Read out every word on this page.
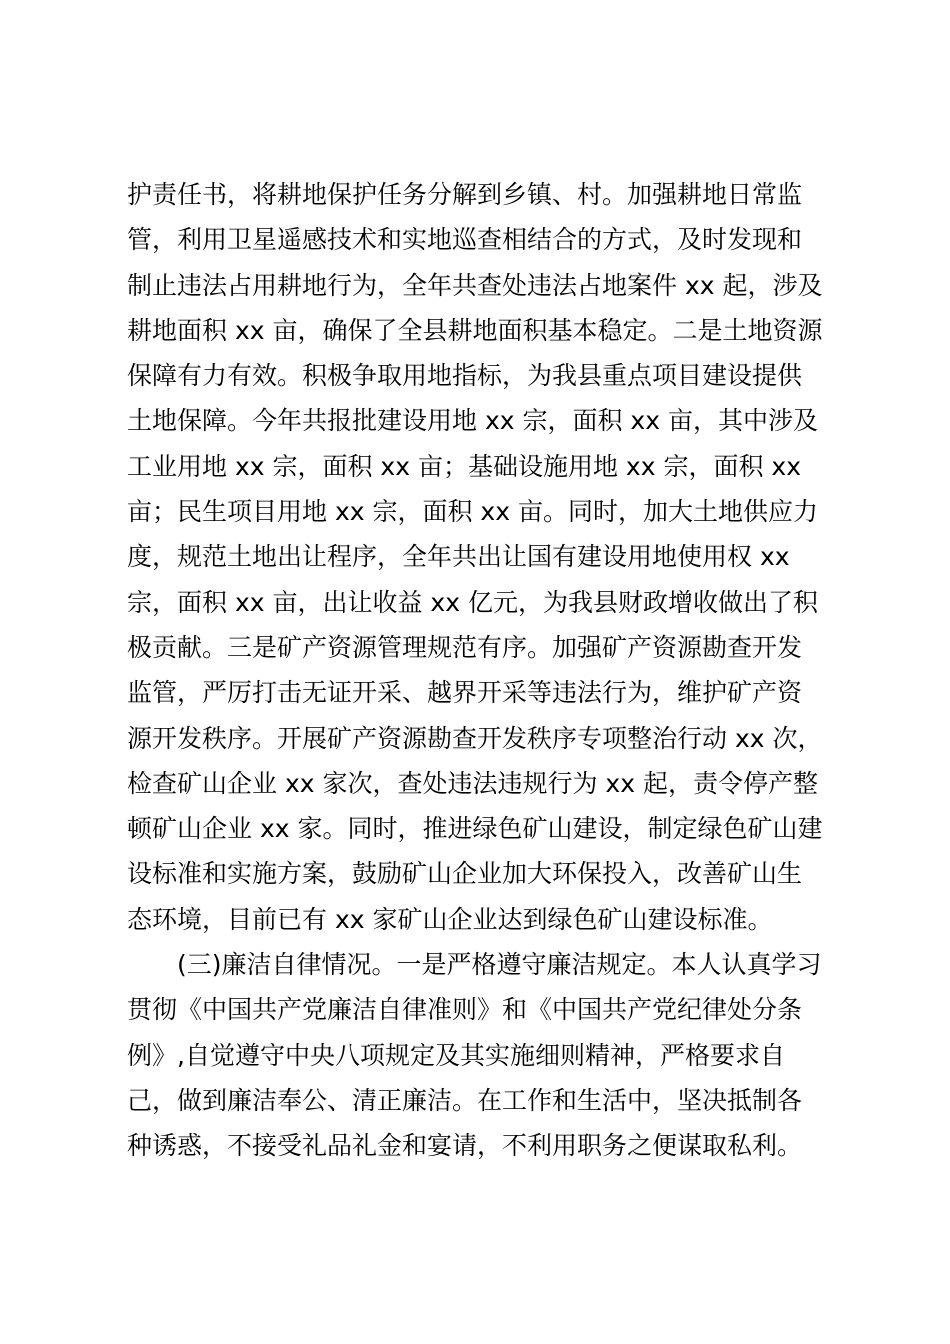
护责任书，将耕地保护任务分解到乡镇、村。加强耕地日常监
管，利用卫星遥感技术和实地巡查相结合的方式，及时发现和
制止违法占用耕地行为，全年共查处违法占地案件 xx 起，涉及
耕地面积 xx 亩，确保了全县耕地面积基本稳定。二是土地资源
保障有力有效。积极争取用地指标，为我县重点项目建设提供
土地保障。今年共报批建设用地 xx 宗，面积 xx 亩，其中涉及
工业用地 xx 宗，面积 xx 亩；基础设施用地 xx 宗，面积 xx
亩；民生项目用地 xx 宗，面积 xx 亩。同时，加大土地供应力
度，规范土地出让程序，全年共出让国有建设用地使用权 xx
宗，面积 xx 亩，出让收益 xx 亿元，为我县财政增收做出了积
极贡献。三是矿产资源管理规范有序。加强矿产资源勘查开发
监管，严厉打击无证开采、越界开采等违法行为，维护矿产资
源开发秩序。开展矿产资源勘查开发秩序专项整治行动 xx 次，
检查矿山企业 xx 家次，查处违法违规行为 xx 起，责令停产整
顿矿山企业 xx 家。同时，推进绿色矿山建设，制定绿色矿山建
设标准和实施方案，鼓励矿山企业加大环保投入，改善矿山生
态环境，目前已有 xx 家矿山企业达到绿色矿山建设标准。
　　(三)廉洁自律情况。一是严格遵守廉洁规定。本人认真学习
贯彻《中国共产党廉洁自律准则》和《中国共产党纪律处分条
例》,自觉遵守中央八项规定及其实施细则精神，严格要求自
己，做到廉洁奉公、清正廉洁。在工作和生活中，坚决抵制各
种诱惑，不接受礼品礼金和宴请，不利用职务之便谋取私利。
